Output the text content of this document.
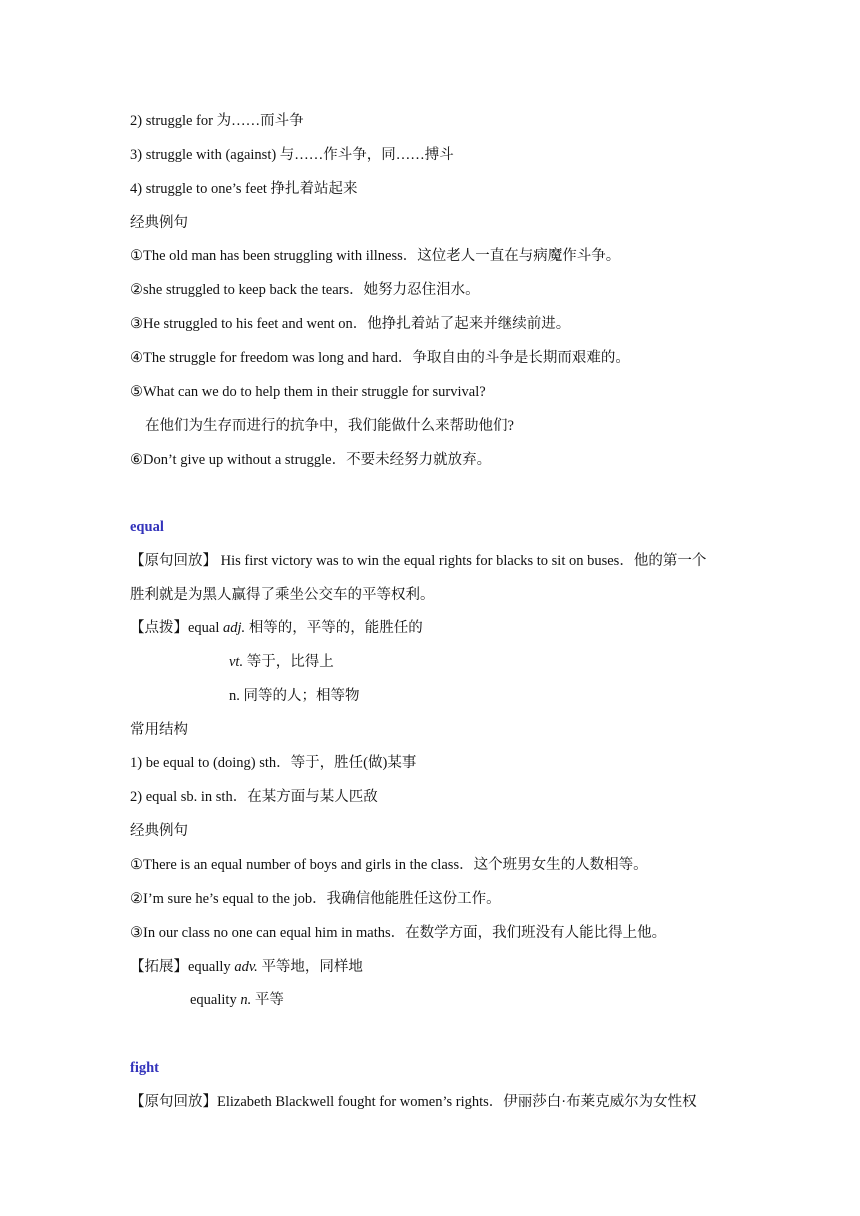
2) struggle for 为……而斗争
3) struggle with (against) 与……作斗争，同……搏斗
4) struggle to one’s feet 挣扎着站起来
经典例句
①The old man has been struggling with illness．这位老人一直在与病魔作斗争。
②she struggled to keep back the tears．她努力忍住泪水。
③He struggled to his feet and went on．他挣扎着站了起来并继续前进。
④The struggle for freedom was long and hard．争取自由的斗争是长期而艰难的。
⑤What can we do to help them in their struggle for survival?
在他们为生存而进行的抗争中，我们能做什么来帮助他们?
⑥Don’t give up without a struggle．不要未经努力就放弃。
equal
【原句回放】 His first victory was to win the equal rights for blacks to sit on buses．他的第一个
胜利就是为黑人赢得了乘坐公交车的平等权利。
【点拨】equal adj. 相等的，平等的，能胜任的
vt. 等于，比得上
n. 同等的人；相等物
常用结构
1) be equal to (doing) sth．等于，胜任(做)某事
2) equal sb. in sth．在某方面与某人匹敌
经典例句
①There is an equal number of boys and girls in the class．这个班男女生的人数相等。
②I’m sure he’s equal to the job．我确信他能胜任这份工作。
③In our class no one can equal him in maths．在数学方面，我们班没有人能比得上他。
【拓展】equally adv. 平等地，同样地
equality n. 平等
fight
【原句回放】Elizabeth Blackwell fought for women’s rights．伊丽莎白·布莱克威尔为女性权
